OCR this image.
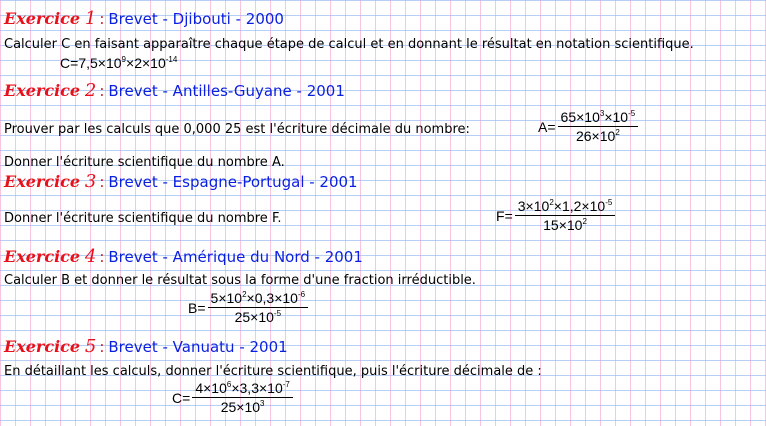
Exercice 1 : Brevet - Djibouti - 2000
Calculer C en faisant apparaître chaque étape de calcul et en donnant le résultat en notation scientifique.
$C=7,5\times 10^9\times 2\times 10^{-14}$
Exercice 2 : Brevet - Antilles-Guyane - 2001
Prouver par les calculs que 0,000 25 est l'écriture décimale du nombre:	$A= \frac{65\times 10^3\times 10^{-5}}{26\times 10^2}$
Donner l'écriture scientifique du nombre A.
Exercice 3 : Brevet - Espagne-Portugal - 2001
Donner l'écriture scientifique du nombre F.	$F= \frac{3\times 10^2\times 1,2\times 10^{-5}}{15\times 10^2}$
Exercice 4 : Brevet - Amérique du Nord - 2001
Calculer B et donner le résultat sous la forme d'une fraction irréductible.
$B= \frac{5\times 10^2\times 0,3\times 10^{-6}}{25\times 10^{-5}}$
Exercice 5 : Brevet - Vanuatu - 2001
En détaillant les calculs, donner l'écriture scientifique, puis l'écriture décimale de :
$C= \frac{4\times 10^6\times 3,3\times 10^{-7}}{25\times 10^3}$
